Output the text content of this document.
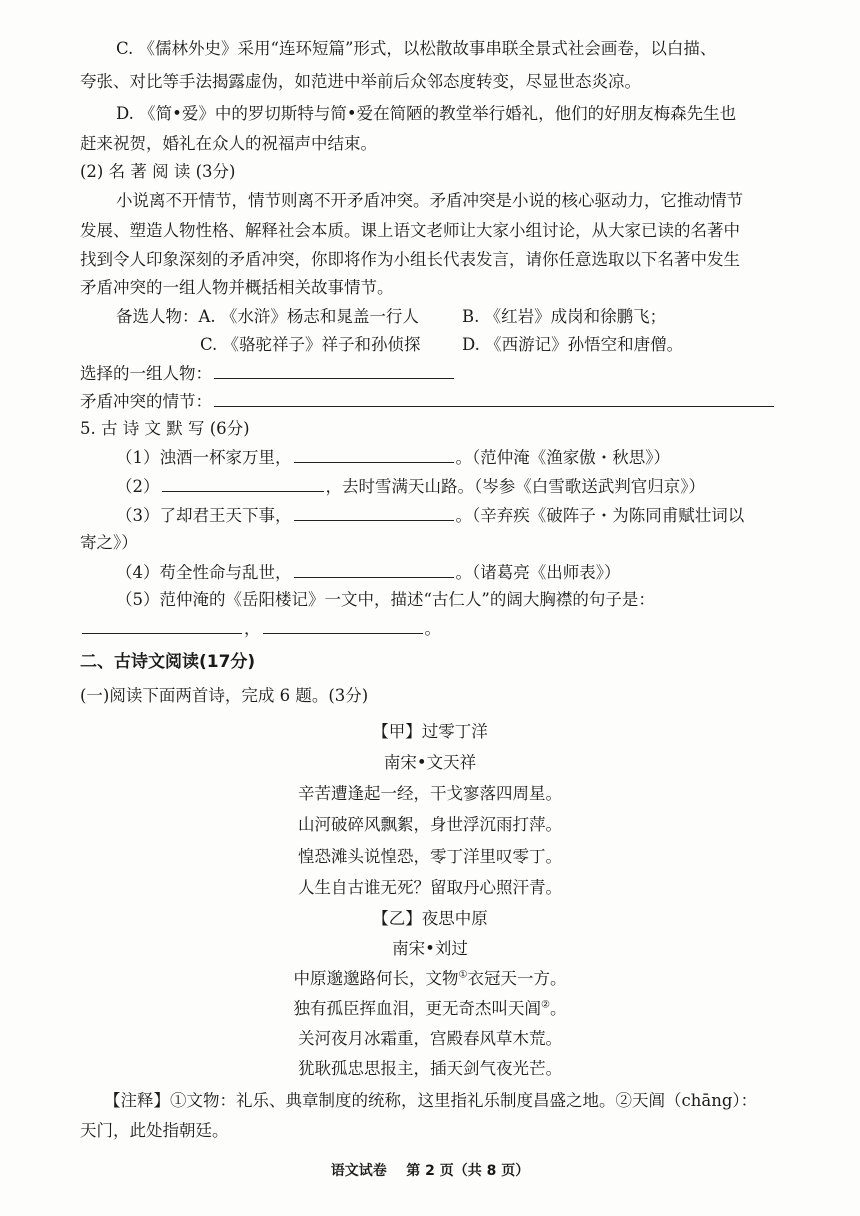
C. 《儒林外史》采用“连环短篇”形式，以松散故事串联全景式社会画卷，以白描、
夸张、对比等手法揭露虚伪，如范进中举前后众邻态度转变，尽显世态炎凉。
D. 《简•爱》中的罗切斯特与简•爱在简陋的教堂举行婚礼，他们的好朋友梅森先生也
赶来祝贺，婚礼在众人的祝福声中结束。
(2) 名 著 阅 读 (3分)
小说离不开情节，情节则离不开矛盾冲突。矛盾冲突是小说的核心驱动力，它推动情节
发展、塑造人物性格、解释社会本质。课上语文老师让大家小组讨论，从大家已读的名著中
找到令人印象深刻的矛盾冲突，你即将作为小组长代表发言，请你任意选取以下名著中发生
矛盾冲突的一组人物并概括相关故事情节。
备选人物：A. 《水浒》杨志和晁盖一行人	B. 《红岩》成岗和徐鹏飞；
C. 《骆驼祥子》祥子和孙侦探	D. 《西游记》孙悟空和唐僧。
选择的一组人物：
矛盾冲突的情节：
5. 古 诗 文 默 写 (6分)
（1）浊酒一杯家万里，	。（范仲淹《渔家傲・秋思》）
（2）	，去时雪满天山路。（岑参《白雪歌送武判官归京》）
（3）了却君王天下事，	。（辛弃疾《破阵子・为陈同甫赋壮词以
寄之》）
（4）苟全性命与乱世，	。（诸葛亮《出师表》）
（5）范仲淹的《岳阳楼记》一文中，描述“古仁人”的阔大胸襟的句子是：
，	。
二、古诗文阅读(17分)
(一)阅读下面两首诗，完成 6 题。(3分)
【甲】过零丁洋
南宋•文天祥
辛苦遭逢起一经，干戈寥落四周星。
山河破碎风飘絮，身世浮沉雨打萍。
惶恐滩头说惶恐，零丁洋里叹零丁。
人生自古谁无死？留取丹心照汗青。
【乙】夜思中原
南宋•刘过
中原邈邈路何长，文物①衣冠天一方。
独有孤臣挥血泪，更无奇杰叫天阊②。
关河夜月冰霜重，宫殿春风草木荒。
犹耿孤忠思报主，插天剑气夜光芒。
【注释】①文物：礼乐、典章制度的统称，这里指礼乐制度昌盛之地。②天阊（chāng）：
天门，此处指朝廷。
语文试卷    第 2 页（共 8 页）
